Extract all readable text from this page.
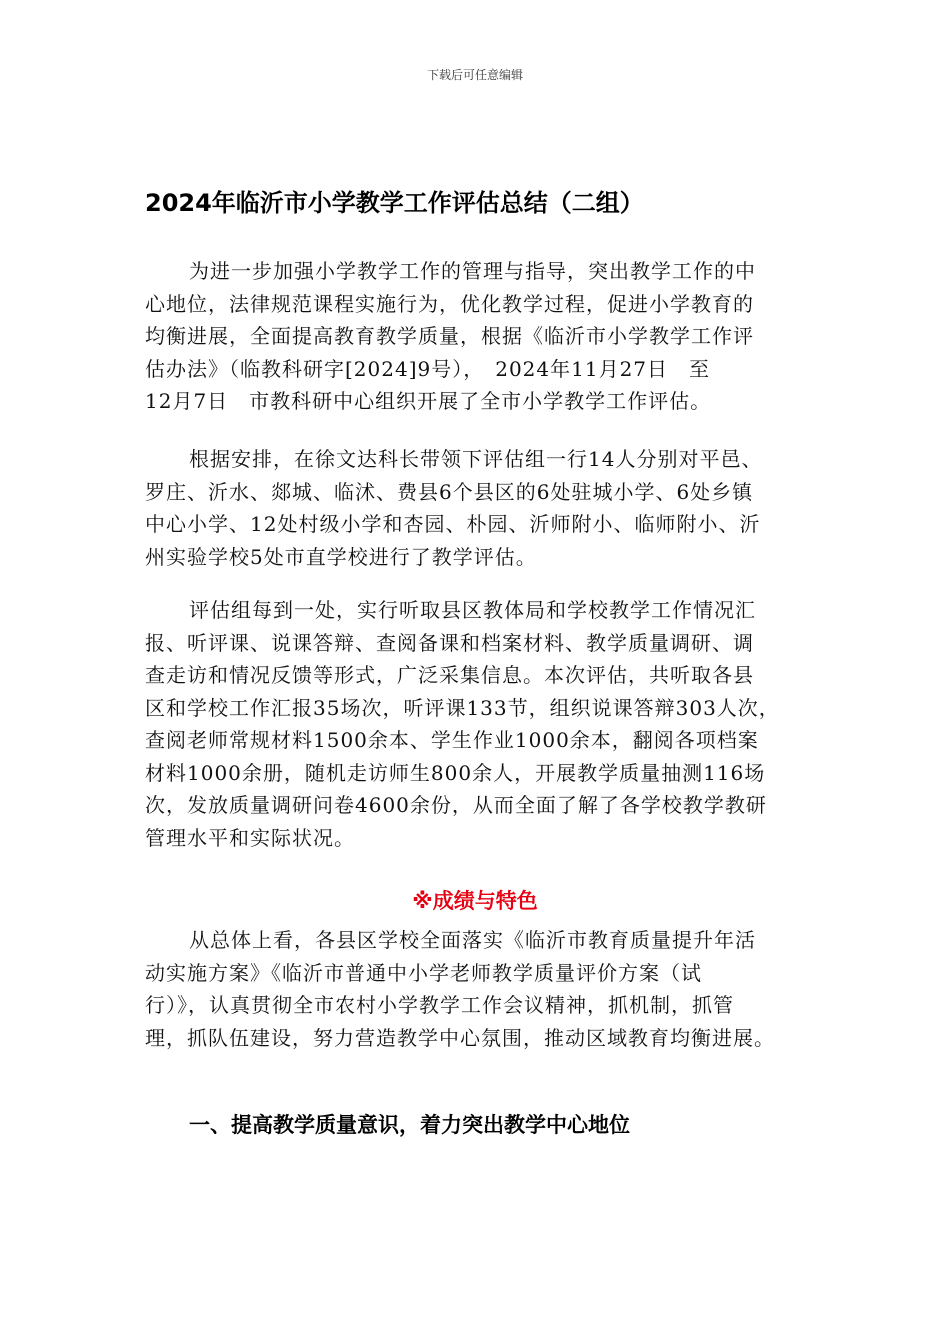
下载后可任意编辑
2024年临沂市小学教学工作评估总结（二组）
为进一步加强小学教学工作的管理与指导，突出教学工作的中
心地位，法律规范课程实施行为，优化教学过程，促进小学教育的
均衡进展，全面提高教育教学质量，根据《临沂市小学教学工作评
估办法》（临教科研字[2024]9号），　2024年11月27日　至
12月7日　市教科研中心组织开展了全市小学教学工作评估。
根据安排，在徐文达科长带领下评估组一行14人分别对平邑、
罗庄、沂水、郯城、临沭、费县6个县区的6处驻城小学、6处乡镇
中心小学、12处村级小学和杏园、朴园、沂师附小、临师附小、沂
州实验学校5处市直学校进行了教学评估。
评估组每到一处，实行听取县区教体局和学校教学工作情况汇
报、听评课、说课答辩、查阅备课和档案材料、教学质量调研、调
查走访和情况反馈等形式，广泛采集信息。本次评估，共听取各县
区和学校工作汇报35场次，听评课133节，组织说课答辩303人次，
查阅老师常规材料1500余本、学生作业1000余本，翻阅各项档案
材料1000余册，随机走访师生800余人，开展教学质量抽测116场
次，发放质量调研问卷4600余份，从而全面了解了各学校教学教研
管理水平和实际状况。
※成绩与特色
从总体上看，各县区学校全面落实《临沂市教育质量提升年活
动实施方案》《临沂市普通中小学老师教学质量评价方案（试
行）》，认真贯彻全市农村小学教学工作会议精神，抓机制，抓管
理，抓队伍建设，努力营造教学中心氛围，推动区域教育均衡进展。
一、提高教学质量意识，着力突出教学中心地位
